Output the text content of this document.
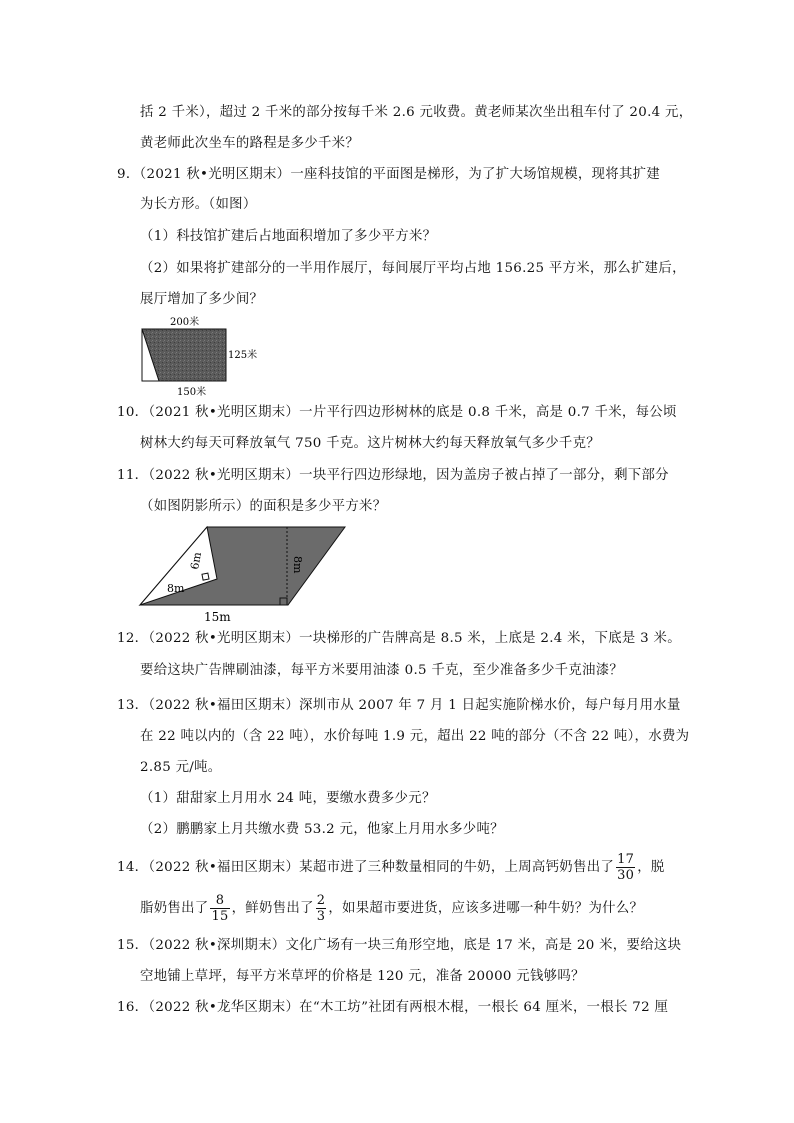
括 2 千米），超过 2 千米的部分按每千米 2.6 元收费。黄老师某次坐出租车付了 20.4 元，
黄老师此次坐车的路程是多少千米？
9．（2021 秋•光明区期末）一座科技馆的平面图是梯形，为了扩大场馆规模，现将其扩建
为长方形。（如图）
（1）科技馆扩建后占地面积增加了多少平方米？
（2）如果将扩建部分的一半用作展厅，每间展厅平均占地 156.25 平方米，那么扩建后，
展厅增加了多少间？
200米
125米
150米
10．（2021 秋•光明区期末）一片平行四边形树林的底是 0.8 千米，高是 0.7 千米，每公顷
树林大约每天可释放氧气 750 千克。这片树林大约每天释放氧气多少千克？
11．（2022 秋•光明区期末）一块平行四边形绿地，因为盖房子被占掉了一部分，剩下部分
（如图阴影所示）的面积是多少平方米？
6m
8m
8m
15m
12．（2022 秋•光明区期末）一块梯形的广告牌高是 8.5 米，上底是 2.4 米，下底是 3 米。
要给这块广告牌刷油漆，每平方米要用油漆 0.5 千克，至少准备多少千克油漆？
13．（2022 秋•福田区期末）深圳市从 2007 年 7 月 1 日起实施阶梯水价，每户每月用水量
在 22 吨以内的（含 22 吨），水价每吨 1.9 元，超出 22 吨的部分（不含 22 吨），水费为
2.85 元/吨。
（1）甜甜家上月用水 24 吨，要缴水费多少元？
（2）鹏鹏家上月共缴水费 53.2 元，他家上月用水多少吨？
14．（2022 秋•福田区期末）某超市进了三种数量相同的牛奶，上周高钙奶售出了 $\frac{17}{30}$ ，脱
脂奶售出了 $\frac{8}{15}$ ，鲜奶售出了 $\frac{2}{3}$ ，如果超市要进货，应该多进哪一种牛奶？为什么？
15．（2022 秋•深圳期末）文化广场有一块三角形空地，底是 17 米，高是 20 米，要给这块
空地铺上草坪，每平方米草坪的价格是 120 元，准备 20000 元钱够吗？
16．（2022 秋•龙华区期末）在“木工坊”社团有两根木棍，一根长 64 厘米，一根长 72 厘
